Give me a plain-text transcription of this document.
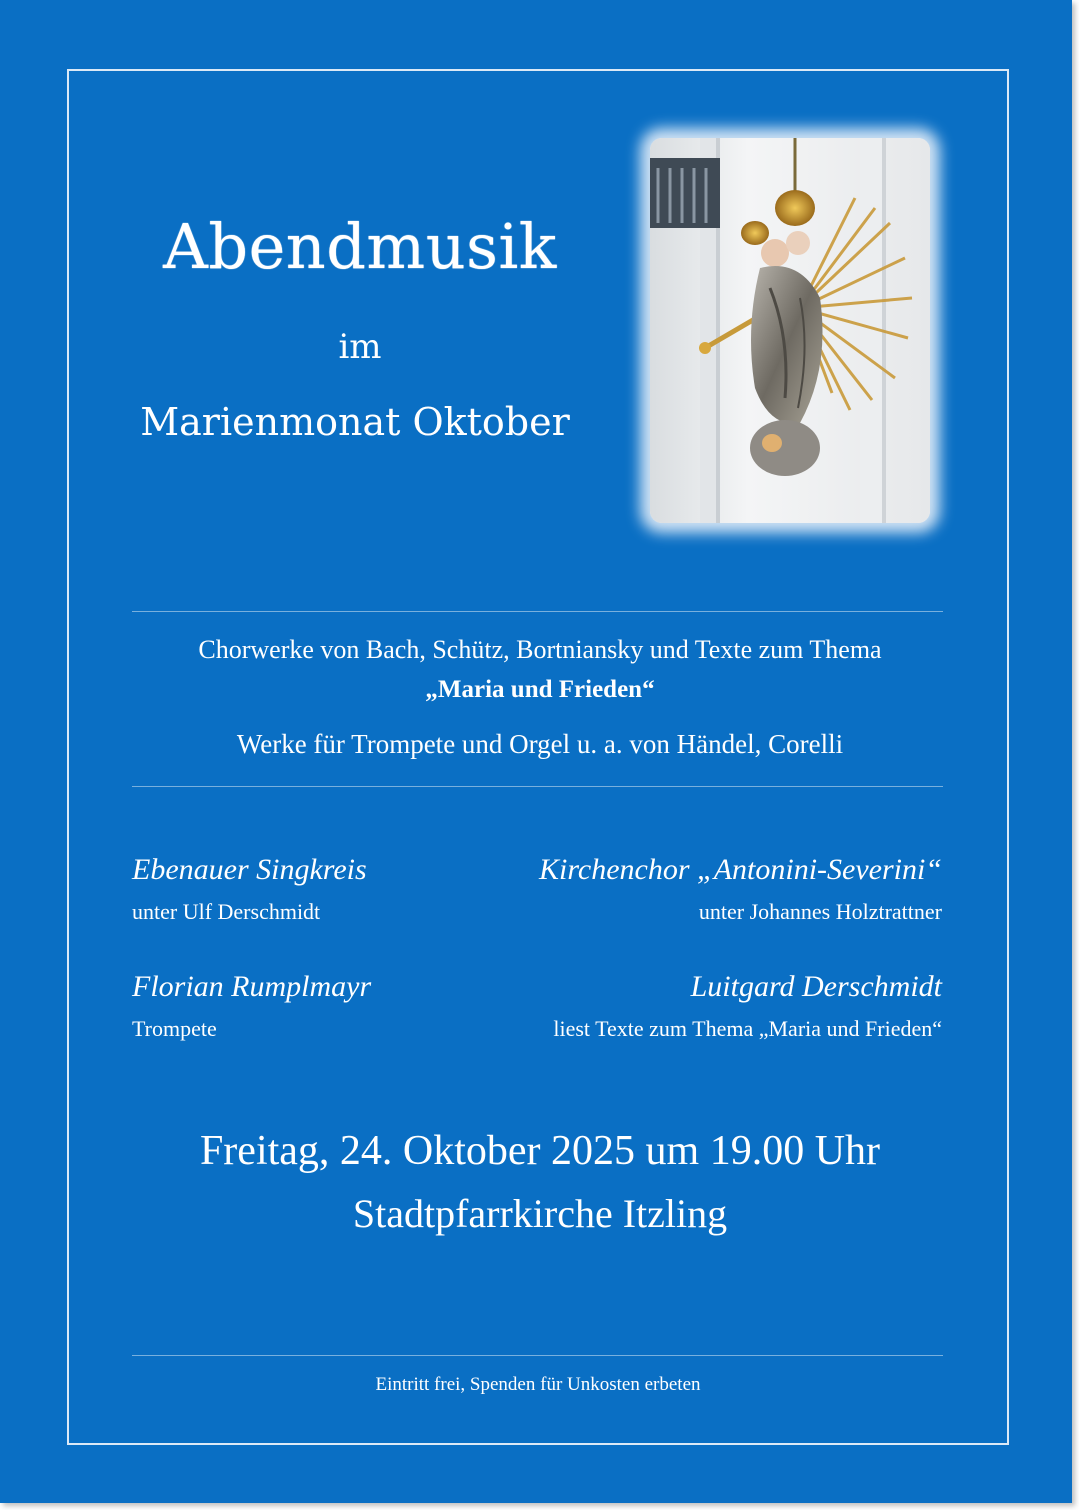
Abendmusik
im
Marienmonat Oktober
Chorwerke von Bach, Schütz, Bortniansky und Texte zum Thema
„Maria und Frieden“
Werke für Trompete und Orgel u. a. von Händel, Corelli
Ebenauer Singkreis
unter Ulf Derschmidt
Kirchenchor „Antonini-Severini“
unter Johannes Holztrattner
Florian Rumplmayr
Trompete
Luitgard Derschmidt
liest Texte zum Thema „Maria und Frieden“
Freitag, 24. Oktober 2025 um 19.00 Uhr
Stadtpfarrkirche Itzling
Eintritt frei, Spenden für Unkosten erbeten
